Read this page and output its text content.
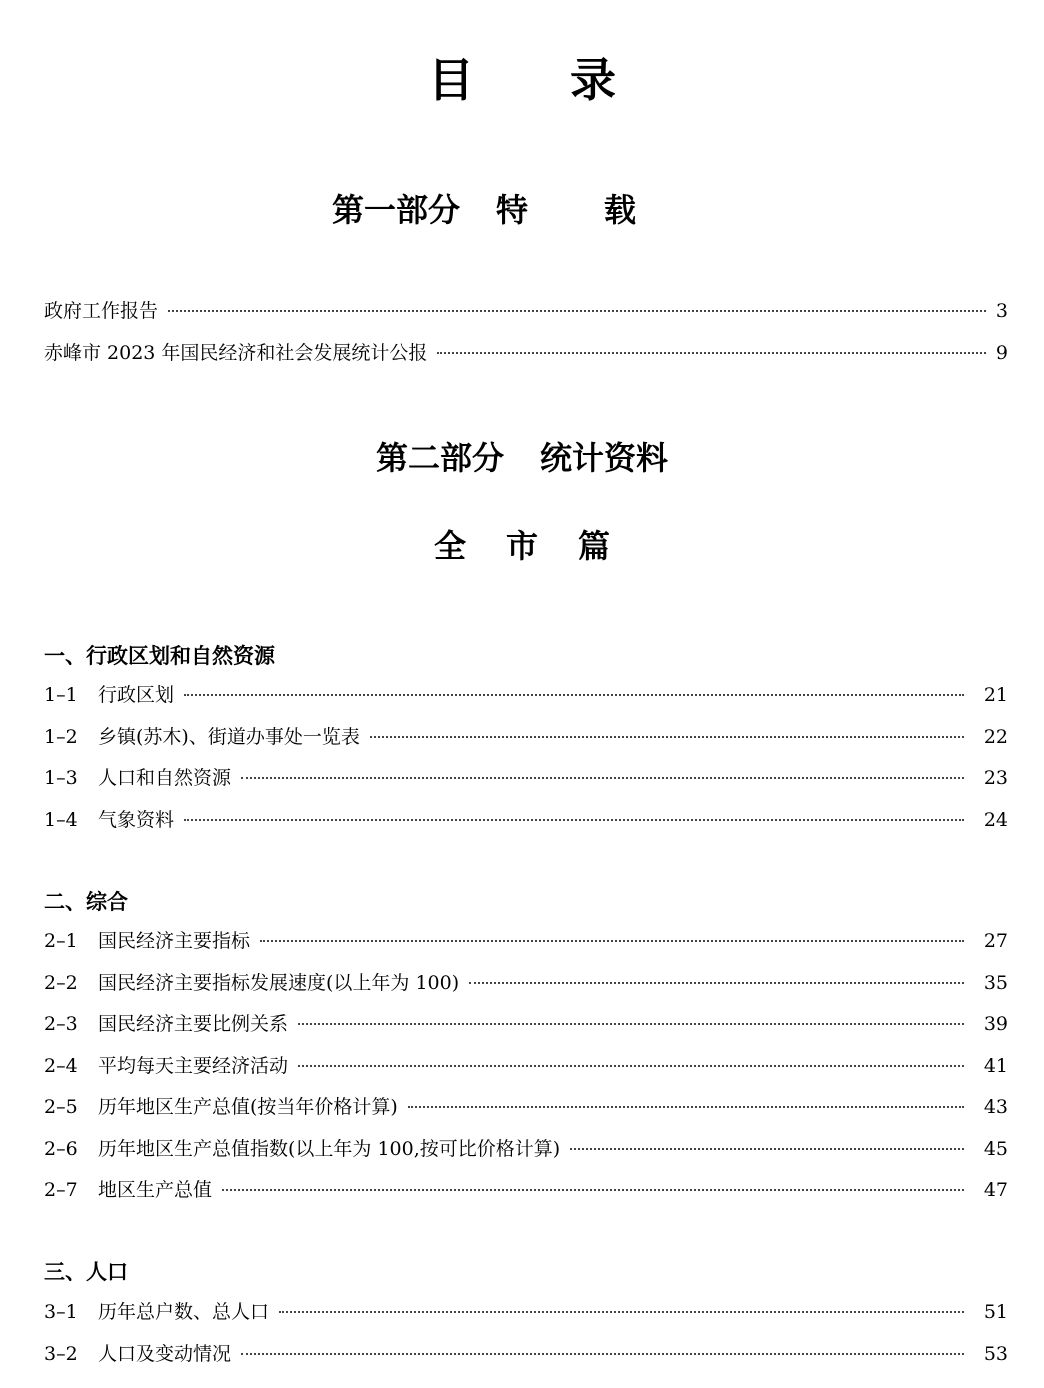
目录
第一部分 特载
政府工作报告	3
赤峰市 2023 年国民经济和社会发展统计公报	9
第二部分 统计资料
全市篇
一、行政区划和自然资源
1–1	行政区划	21
1–2	乡镇(苏木)、街道办事处一览表	22
1–3	人口和自然资源	23
1–4	气象资料	24
二、综合
2–1	国民经济主要指标	27
2–2	国民经济主要指标发展速度(以上年为 100)	35
2–3	国民经济主要比例关系	39
2–4	平均每天主要经济活动	41
2–5	历年地区生产总值(按当年价格计算)	43
2–6	历年地区生产总值指数(以上年为 100,按可比价格计算)	45
2–7	地区生产总值	47
三、人口
3–1	历年总户数、总人口	51
3–2	人口及变动情况	53
